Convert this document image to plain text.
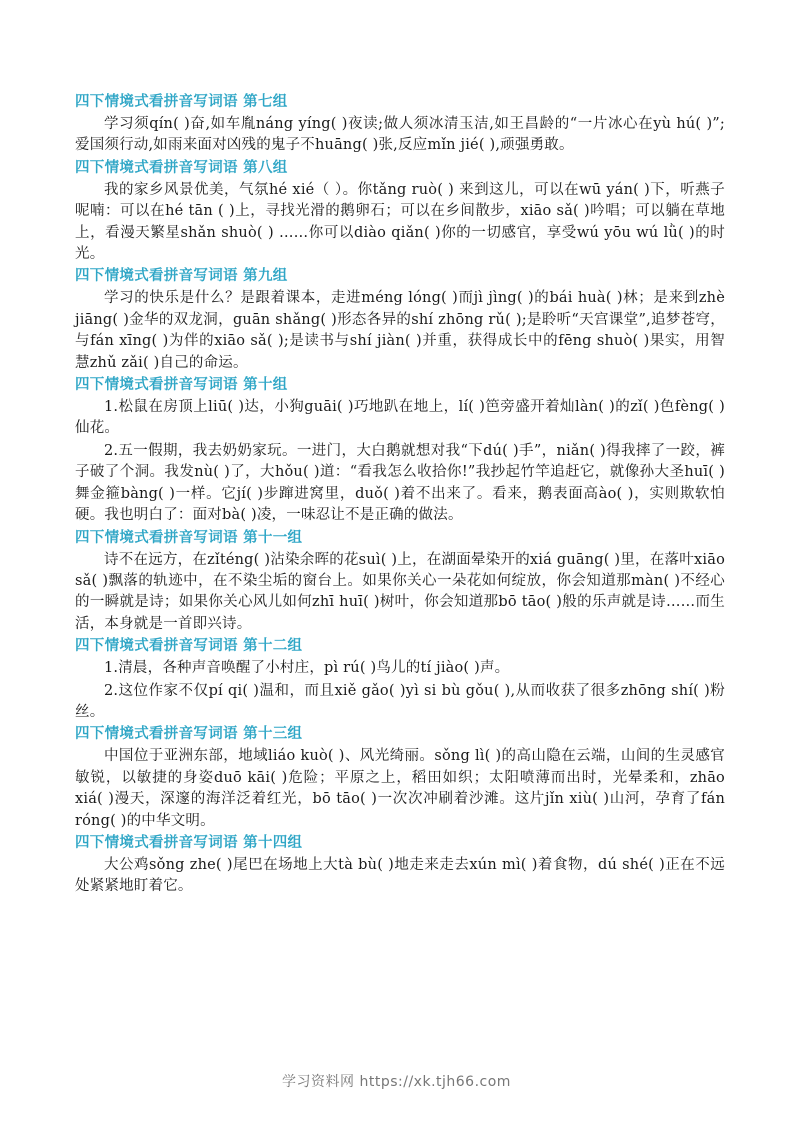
四下情境式看拼音写词语 第七组
学习须qín( )奋,如车胤náng yíng( )夜读;做人须冰清玉洁,如王昌龄的“一片冰心在yù hú( )”;爱国须行动,如雨来面对凶残的鬼子不huāng( )张,反应mǐn jié( ),顽强勇敢。
四下情境式看拼音写词语 第八组
我的家乡风景优美，气氛hé xié（ ）。你tǎng ruò( ) 来到这儿，可以在wū yán( )下，听燕子呢喃：可以在hé tān ( )上，寻找光滑的鹅卵石；可以在乡间散步，xiāo sǎ( )吟唱；可以躺在草地上，看漫天繁星shǎn shuò( ) ……你可以diào qiǎn( )你的一切感官，享受wú yōu wú lǜ( )的时光。
四下情境式看拼音写词语 第九组
学习的快乐是什么？是跟着课本，走进méng lóng( )而jì jìng( )的bái huà( )林；是来到zhè jiāng( )金华的双龙洞，guān shǎng( )形态各异的shí zhōng rǔ( );是聆听“天宫课堂”,追梦苍穹，与fán xīng( )为伴的xiāo sǎ( );是读书与shí jiàn( )并重，获得成长中的fēng shuò( )果实，用智慧zhǔ zǎi( )自己的命运。
四下情境式看拼音写词语 第十组
1.松鼠在房顶上liū( )达，小狗guāi( )巧地趴在地上，lí( )笆旁盛开着灿làn( )的zǐ( )色fèng( )仙花。
2.五一假期，我去奶奶家玩。一进门，大白鹅就想对我“下dú( )手”，niǎn( )得我摔了一跤，裤子破了个洞。我发nù( )了，大hǒu( )道：“看我怎么收拾你!”我抄起竹竿追赶它，就像孙大圣huī( )舞金箍bàng( )一样。它jí( )步蹿进窝里，duǒ( )着不出来了。看来，鹅表面高ào( )，实则欺软怕硬。我也明白了：面对bà( )凌，一味忍让不是正确的做法。
四下情境式看拼音写词语 第十一组
诗不在远方，在zǐténg( )沾染余晖的花suì( )上，在湖面晕染开的xiá guāng( )里，在落叶xiāo sǎ( )飘落的轨迹中，在不染尘垢的窗台上。如果你关心一朵花如何绽放，你会知道那màn( )不经心的一瞬就是诗；如果你关心风儿如何zhī huī( )树叶，你会知道那bō tāo( )般的乐声就是诗……而生活，本身就是一首即兴诗。
四下情境式看拼音写词语 第十二组
1.清晨，各种声音唤醒了小村庄，pì rú( )鸟儿的tí jiào( )声。
2.这位作家不仅pí qi( )温和，而且xiě gǎo( )yì si bù gǒu( ),从而收获了很多zhōng shí( )粉丝。
四下情境式看拼音写词语 第十三组
中国位于亚洲东部，地域liáo kuò( )、风光绮丽。sǒng lì( )的高山隐在云端，山间的生灵感官敏锐，以敏捷的身姿duō kāi( )危险；平原之上，稻田如织；太阳喷薄而出时，光晕柔和，zhāo xiá( )漫天，深邃的海洋泛着红光，bō tāo( )一次次冲刷着沙滩。这片jǐn xiù( )山河，孕育了fán róng( )的中华文明。
四下情境式看拼音写词语 第十四组
大公鸡sǒng zhe( )尾巴在场地上大tà bù( )地走来走去xún mì( )着食物，dú shé( )正在不远处紧紧地盯着它。
学习资料网 https://xk.tjh66.com
